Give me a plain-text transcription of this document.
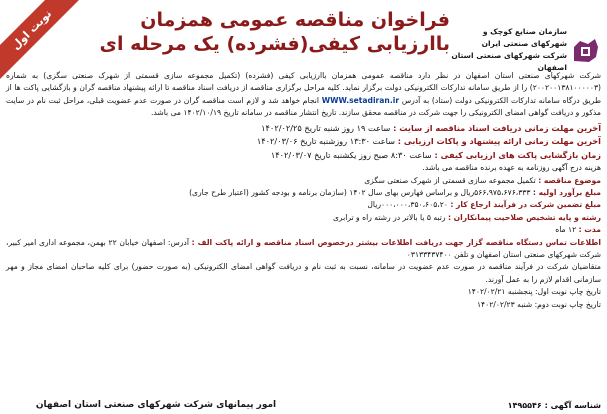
نوبت اول	فراخوان مناقصه عمومی همزمان
باارزیابی کیفی(فشرده) یک مرحله ای
سازمان صنایع کوچک و شهرکهای صنعتی ایران
شرکت شهرکهای صنعتی استان اصفهان

شرکت شهرکهای صنعتی استان اصفهان در نظر دارد مناقصه عمومی همزمان باارزیابی کیفی (فشرده) (تکمیل مجموعه سازی قسمتی از شهرک صنعتی سگزی) به شماره (۲۰۰۲۰۰۱۳۸۱۰۰۰۰۰۳) را از طریق سامانه تدارکات الکترونیکی دولت برگزار نماید. کلیه مراحل برگزاری مناقصه از دریافت اسناد مناقصه تا ارائه پیشنهاد مناقصه گران و بازگشایی پاکت ها از طریق درگاه سامانه تدارکات الکترونیکی دولت (ستاد) به آدرس WWW.setadiran.ir انجام خواهد شد و لازم است مناقصه گران در صورت عدم عضویت قبلی، مراحل ثبت نام در سایت مذکور و دریافت گواهی امضای الکترونیکی را جهت شرکت در مناقصه محقق سازند. تاریخ انتشار مناقصه در سامانه تاریخ ۱۴۰۲/۱۰/۱۹ می باشد.

آخرین مهلت زمانی دریافت اسناد مناقصه از سایت : ساعت ۱۹ روز شنبه تاریخ ۱۴۰۲/۰۲/۲۵
آخرین مهلت زمانی ارائه پیشنهاد و پاکات ارزیابی : ساعت ۱۳:۳۰ روزشنبه تاریخ ۱۴۰۲/۰۳/۰۶
زمان بازگشایی پاکت های ارزیابی کیفی : ساعت ۸:۳۰ صبح روز یکشنبه تاریخ ۱۴۰۲/۰۳/۰۷

هزینه درج آگهی روزنامه به عهده برنده مناقصه می باشد.

موضوع مناقصه : تکمیل مجموعه سازی قسمتی از شهرک صنعتی سگزی
مبلغ برآورد اولیه : ۵۶۶،۹۷۵،۶۷۶،۳۳۳ریال و براساس فهارس بهای سال ۱۴۰۲ (سازمان برنامه و بودجه کشور (اعتبار طرح جاری)
مبلغ تضمین شرکت در فرآیند ارجاع کار : ۰۰۰،۰۰۰،۳۵۰،۶۰۵،۲۰ریال
رشته و پایه تشخیص صلاحیت پیمانکاران : رتبه ۵ یا بالاتر در رشته راه و ترابری
مدت : ۱۲ ماه

اطلاعات تماس دستگاه مناقصه گزار جهت دریافت اطلاعات بیشتر درخصوص اسناد مناقصه و ارائه پاکت الف : آدرس: اصفهان خیابان ۲۲ بهمن، مجموعه اداری امیر کبیر، شرکت شهرکهای صنعتی استان اصفهان و تلفن ۰۳۱۳۳۴۳۷۴۰۰

متقاضیان شرکت در فرآیند مناقصه در صورت عدم عضویت در سامانه، نسبت به ثبت نام و دریافت گواهی امضای الکترونیکی (به صورت حضور) برای کلیه صاحبان امضای مجاز و مهر سازمانی اقدام لازم را به عمل آورند.

تاریخ چاپ نوبت اول: پنجشنبه ۱۴۰۲/۰۲/۲۱
تاریخ چاپ نوبت دوم: شنبه ۱۴۰۲/۰۲/۲۳
شناسه آگهی : ۱۴۹۵۵۴۶
امور پیمانهای شرکت شهرکهای صنعتی استان اصفهان
